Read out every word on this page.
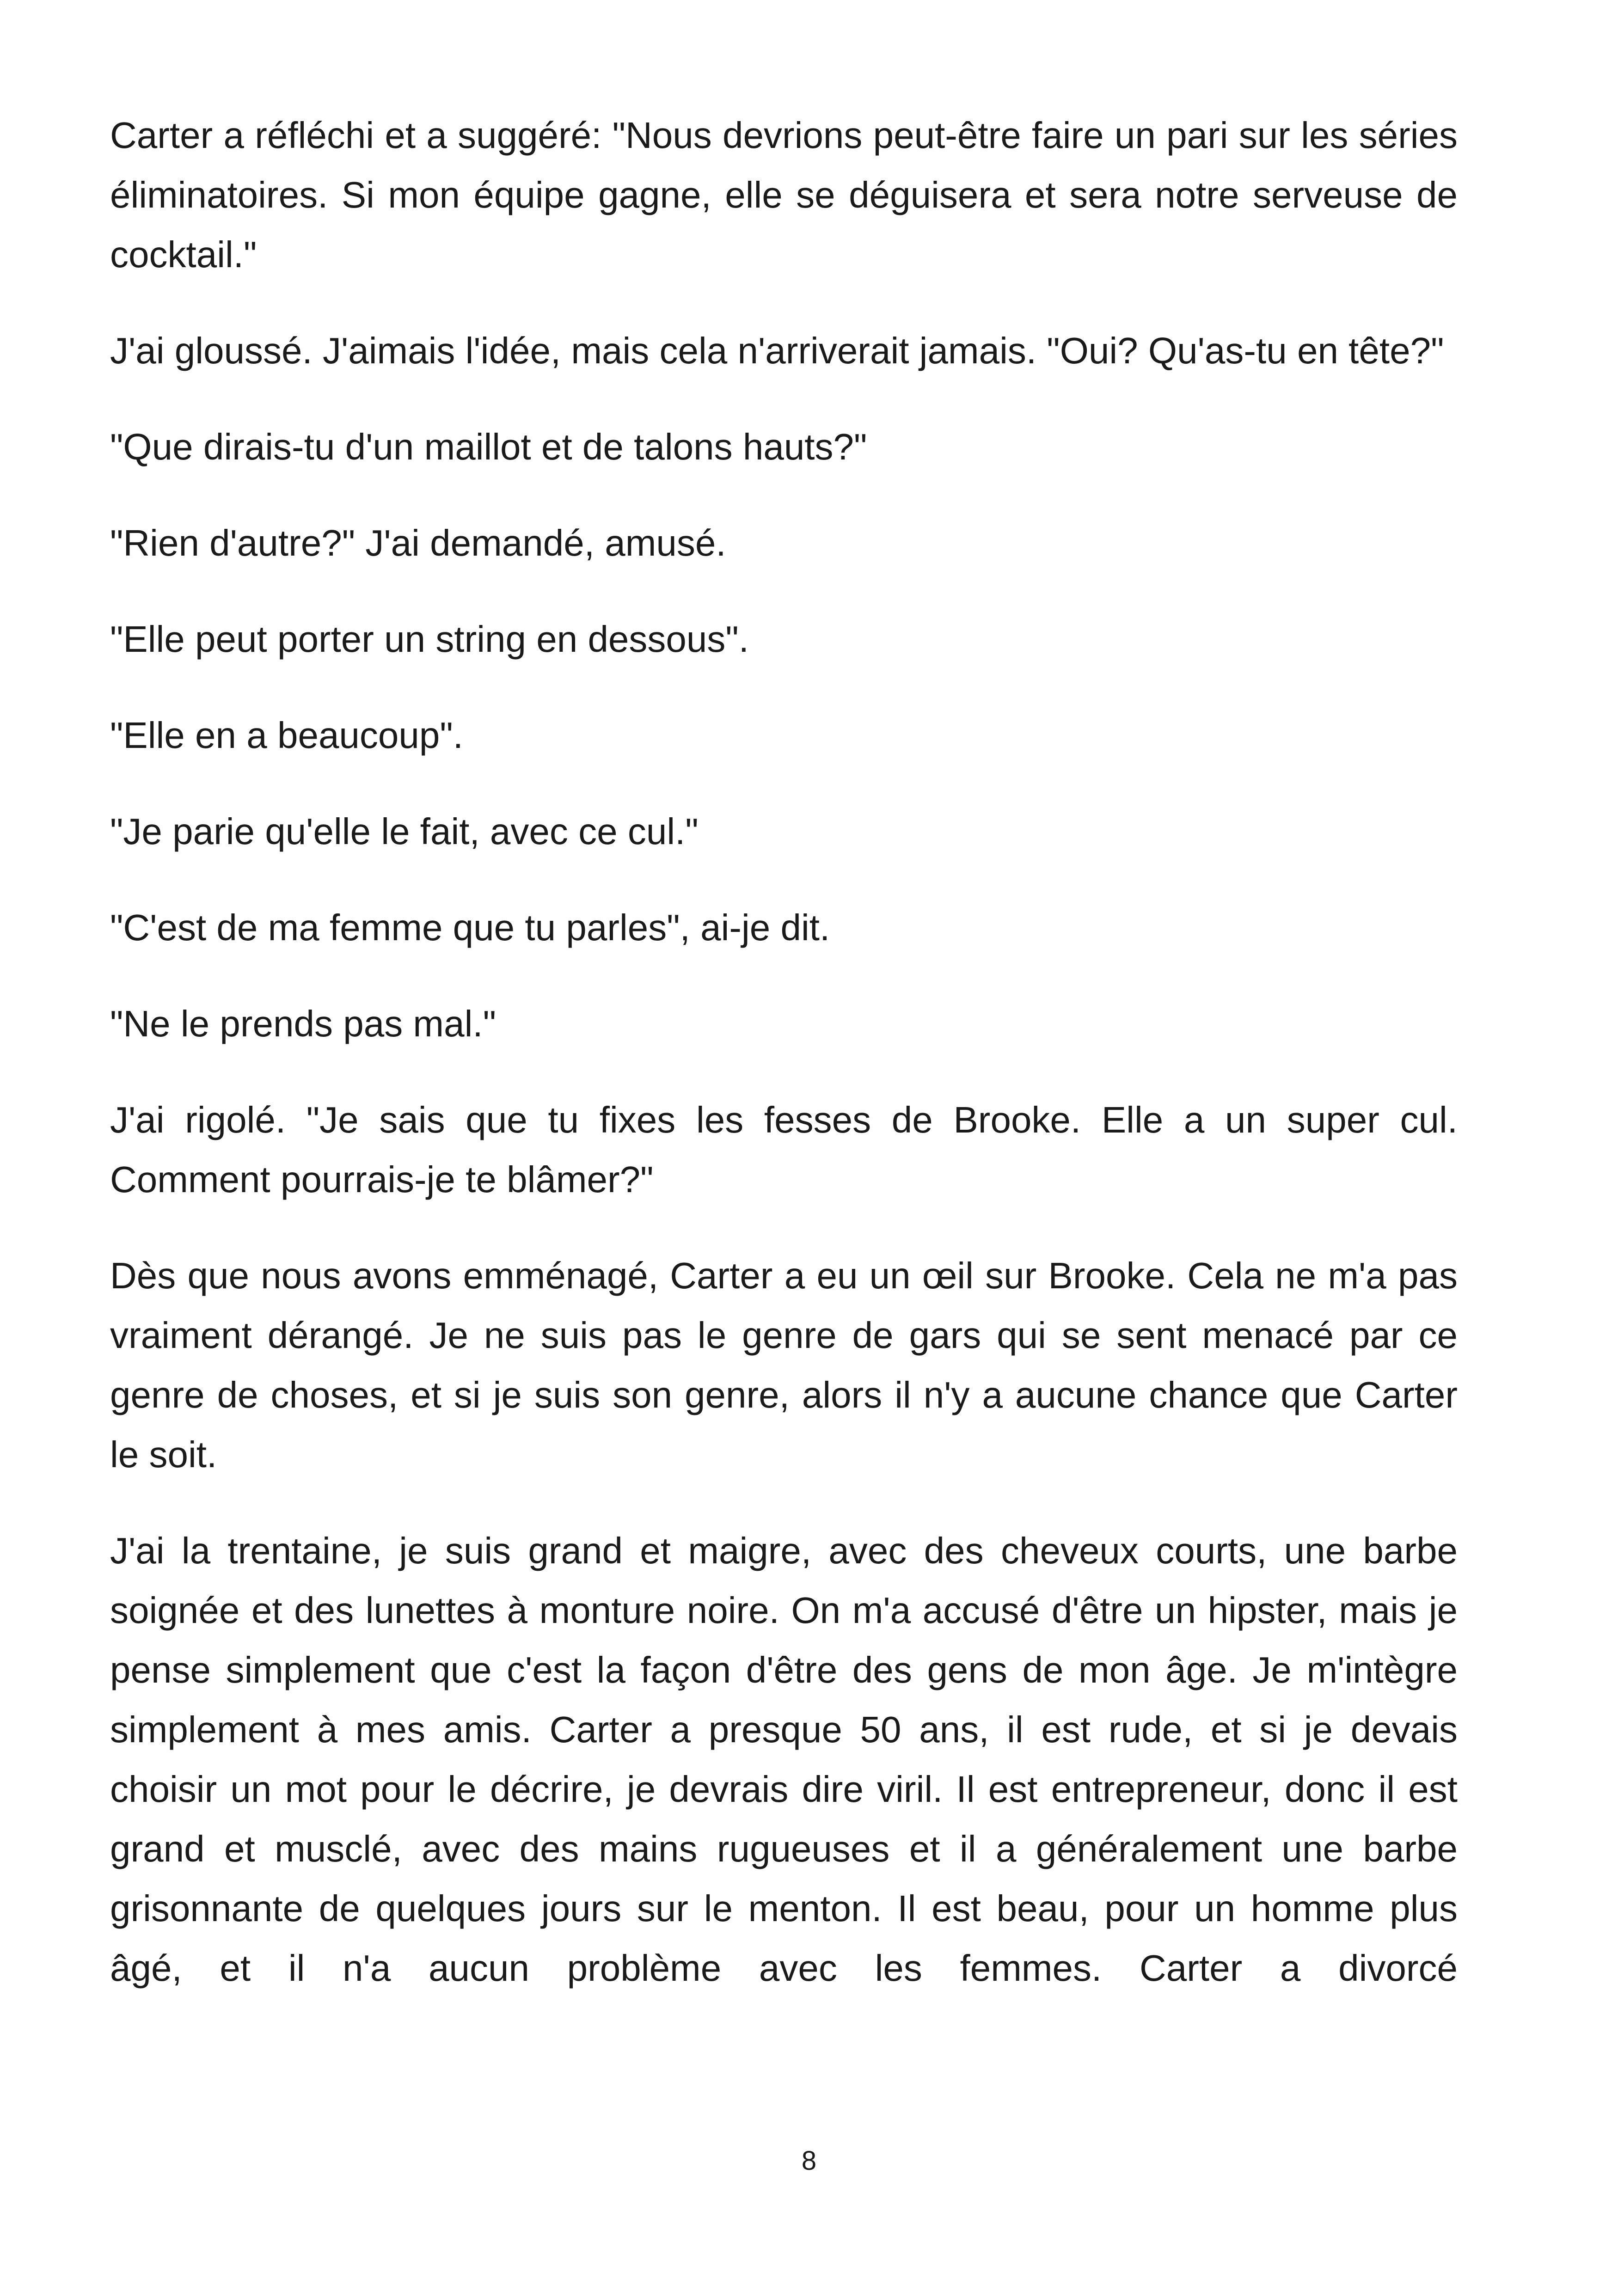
Carter a réfléchi et a suggéré: "Nous devrions peut-être faire un pari sur les séries éliminatoires. Si mon équipe gagne, elle se déguisera et sera notre serveuse de cocktail."

J'ai gloussé. J'aimais l'idée, mais cela n'arriverait jamais. "Oui? Qu'as-tu en tête?"

"Que dirais-tu d'un maillot et de talons hauts?"

"Rien d'autre?" J'ai demandé, amusé.

"Elle peut porter un string en dessous".

"Elle en a beaucoup".

"Je parie qu'elle le fait, avec ce cul."

"C'est de ma femme que tu parles", ai-je dit.

"Ne le prends pas mal."

J'ai rigolé. "Je sais que tu fixes les fesses de Brooke. Elle a un super cul. Comment pourrais-je te blâmer?"

Dès que nous avons emménagé, Carter a eu un œil sur Brooke. Cela ne m'a pas vraiment dérangé. Je ne suis pas le genre de gars qui se sent menacé par ce genre de choses, et si je suis son genre, alors il n'y a aucune chance que Carter le soit.

J'ai la trentaine, je suis grand et maigre, avec des cheveux courts, une barbe soignée et des lunettes à monture noire. On m'a accusé d'être un hipster, mais je pense simplement que c'est la façon d'être des gens de mon âge. Je m'intègre simplement à mes amis. Carter a presque 50 ans, il est rude, et si je devais choisir un mot pour le décrire, je devrais dire viril. Il est entrepreneur, donc il est grand et musclé, avec des mains rugueuses et il a généralement une barbe grisonnante de quelques jours sur le menton. Il est beau, pour un homme plus âgé, et il n'a aucun problème avec les femmes. Carter a divorcé

8
